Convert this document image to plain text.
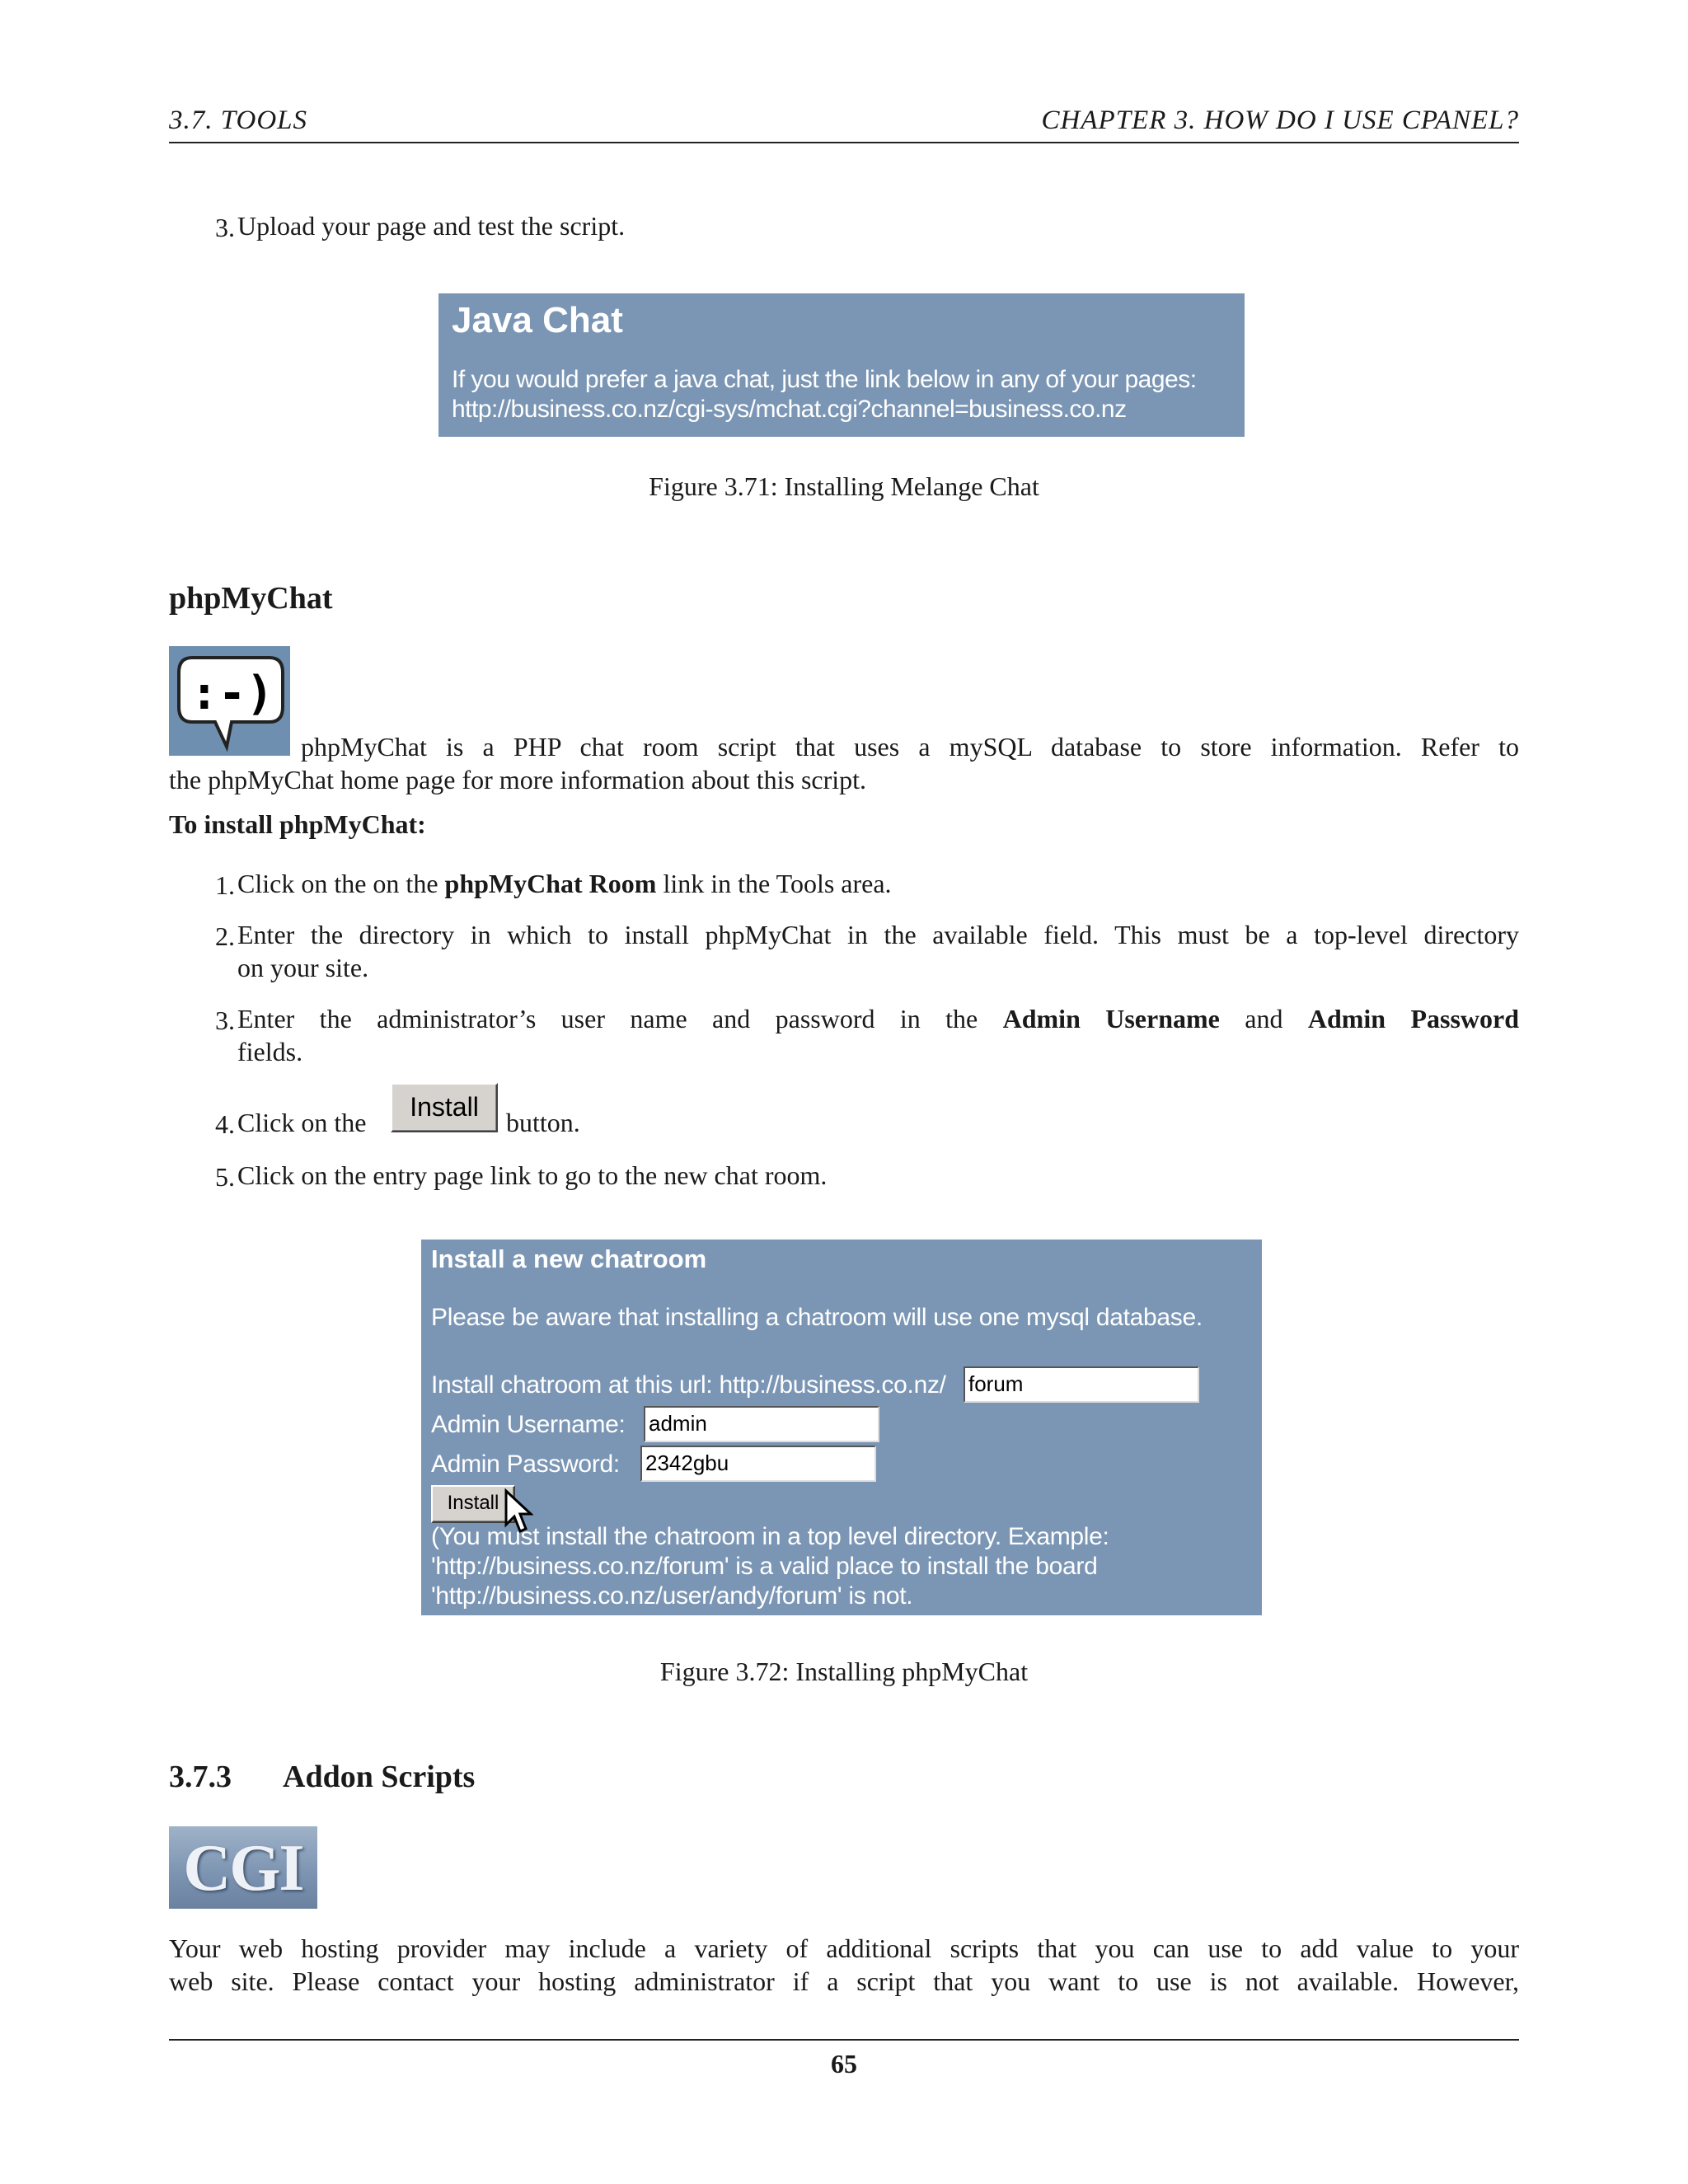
3.7. TOOLS	CHAPTER 3. HOW DO I USE CPANEL?
3. Upload your page and test the script.
Java Chat
If you would prefer a java chat, just the link below in any of your pages:
http://business.co.nz/cgi-sys/mchat.cgi?channel=business.co.nz
Figure 3.71: Installing Melange Chat
phpMyChat
:-)
phpMyChat is a PHP chat room script that uses a mySQL database to store information. Refer to
the phpMyChat home page for more information about this script.
To install phpMyChat:
1. Click on the on the phpMyChat Room link in the Tools area.
2. Enter the directory in which to install phpMyChat in the available field. This must be a top-level directory
on your site.
3. Enter the administrator’s user name and password in the Admin Username and Admin Password
fields.
4. Click on the
Install
button.
5. Click on the entry page link to go to the new chat room.
Install a new chatroom
Please be aware that installing a chatroom will use one mysql database.
Install chatroom at this url: http://business.co.nz/ forum
Admin Username: admin
Admin Password: 2342gbu
Install
(You must install the chatroom in a top level directory. Example:
'http://business.co.nz/forum' is a valid place to install the board
'http://business.co.nz/user/andy/forum' is not.
Figure 3.72: Installing phpMyChat
3.7.3 Addon Scripts
CGI
Your web hosting provider may include a variety of additional scripts that you can use to add value to your
web site. Please contact your hosting administrator if a script that you want to use is not available. However,
65
